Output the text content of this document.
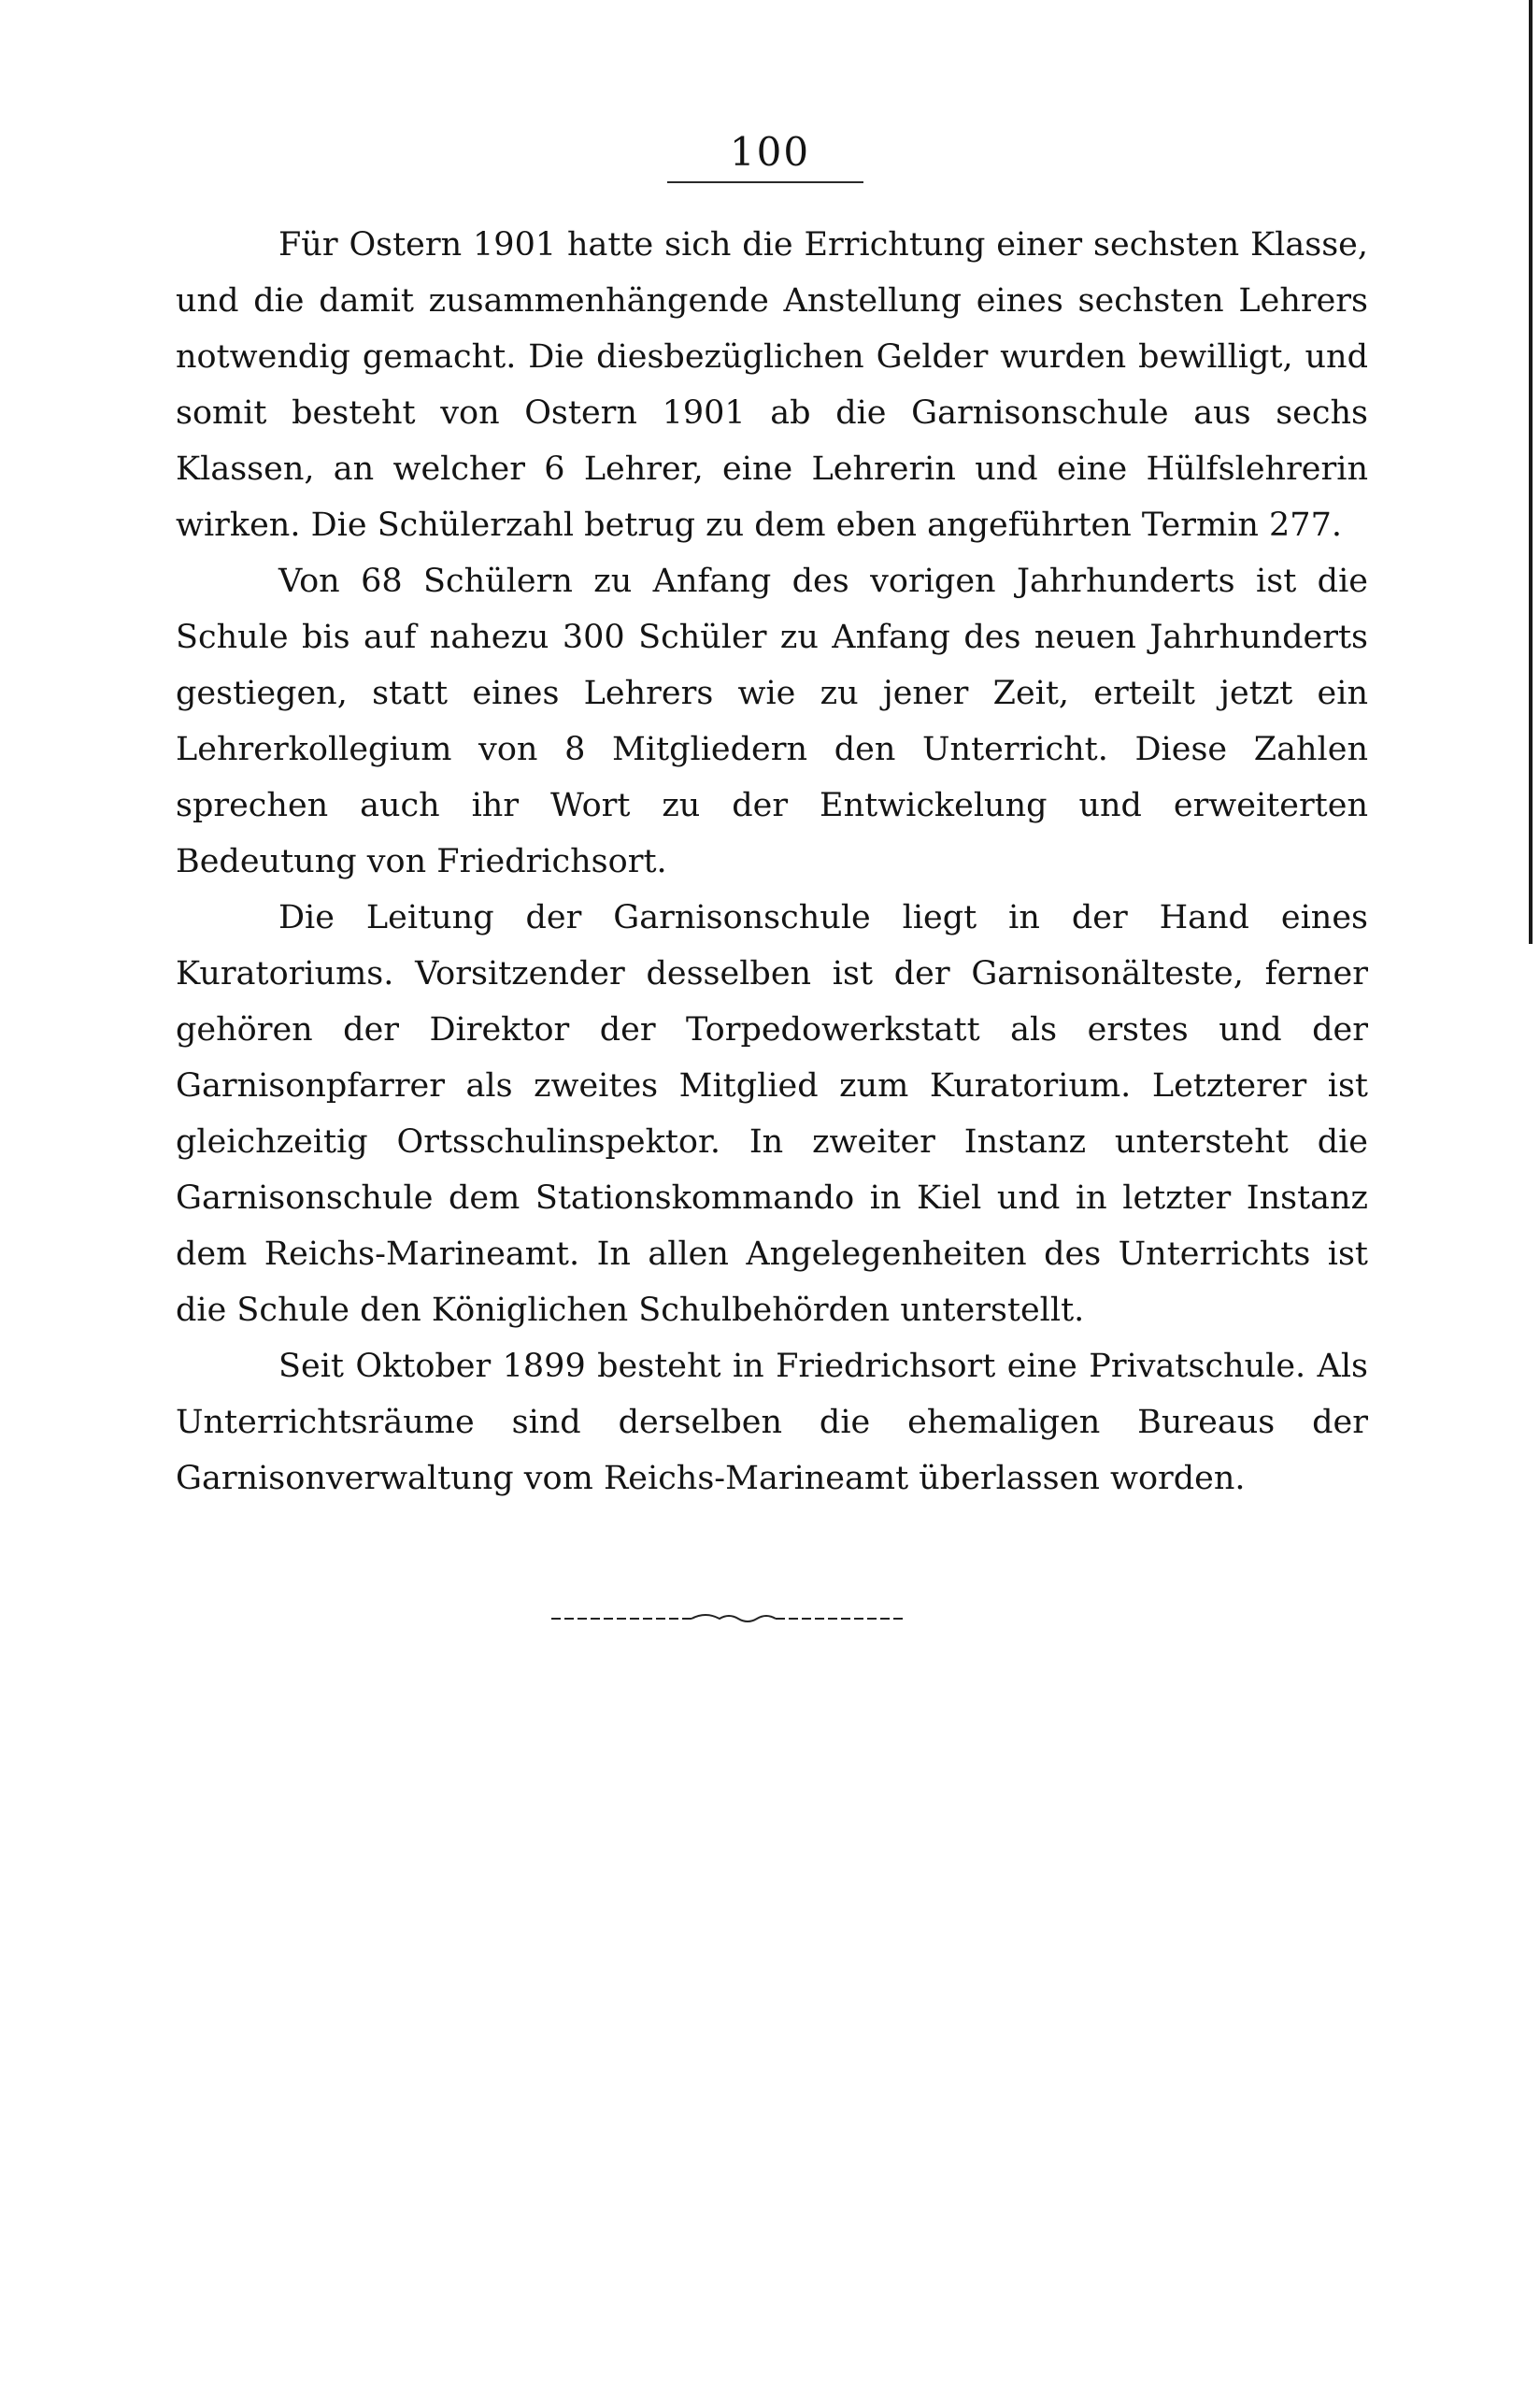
100

Für Ostern 1901 hatte sich die Errichtung einer sechsten Klasse, und die damit zusammenhängende Anstellung eines sechsten Lehrers notwendig gemacht. Die diesbezüglichen Gelder wurden bewilligt, und somit besteht von Ostern 1901 ab die Garnisonschule aus sechs Klassen, an welcher 6 Lehrer, eine Lehrerin und eine Hülfslehrerin wirken. Die Schülerzahl betrug zu dem eben angeführten Termin 277.

Von 68 Schülern zu Anfang des vorigen Jahrhunderts ist die Schule bis auf nahezu 300 Schüler zu Anfang des neuen Jahrhunderts gestiegen, statt eines Lehrers wie zu jener Zeit, erteilt jetzt ein Lehrerkollegium von 8 Mitgliedern den Unterricht. Diese Zahlen sprechen auch ihr Wort zu der Entwickelung und erweiterten Bedeutung von Friedrichsort.

Die Leitung der Garnisonschule liegt in der Hand eines Kuratoriums. Vorsitzender desselben ist der Garnisonälteste, ferner gehören der Direktor der Torpedowerkstatt als erstes und der Garnisonpfarrer als zweites Mitglied zum Kuratorium. Letzterer ist gleichzeitig Ortsschulinspektor. In zweiter Instanz untersteht die Garnisonschule dem Stationskommando in Kiel und in letzter Instanz dem Reichs-Marineamt. In allen Angelegenheiten des Unterrichts ist die Schule den Königlichen Schulbehörden unterstellt.

Seit Oktober 1899 besteht in Friedrichsort eine Privatschule. Als Unterrichtsräume sind derselben die ehemaligen Bureaus der Garnisonverwaltung vom Reichs-Marineamt überlassen worden.
